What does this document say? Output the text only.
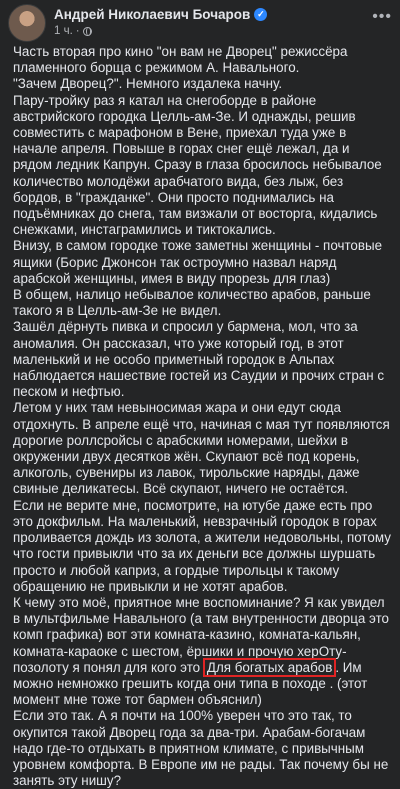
Андрей Николаевич Бочаров ✓
1 ч. ·
•••

Часть вторая про кино "он вам не Дворец" режиссёра пламенного борща с режимом А. Навального.

"Зачем Дворец?". Немного издалека начну.

Пару-тройку раз я катал на снегоборде в районе австрийского городка Целль-ам-Зе. И однажды, решив совместить с марафоном в Вене, приехал туда уже в начале апреля. Повыше в горах снег ещё лежал, да и рядом ледник Капрун. Сразу в глаза бросилось небывалое количество молодёжи арабчатого вида, без лыж, без бордов, в "гражданке". Они просто поднимались на подъёмниках до снега, там визжали от восторга, кидались снежками, инстаграмились и тиктокались.

Внизу, в самом городке тоже заметны женщины - почтовые ящики (Борис Джонсон так остроумно назвал наряд арабской женщины, имея в виду прорезь для глаз)

В общем, налицо небывалое количество арабов, раньше такого я в Целль-ам-Зе не видел.

Зашёл дёрнуть пивка и спросил у бармена, мол, что за аномалия. Он рассказал, что уже который год, в этот маленький и не особо приметный городок в Альпах наблюдается нашествие гостей из Саудии и прочих стран с песком и нефтью.

Летом у них там невыносимая жара и они едут сюда отдохнуть. В апреле ещё что, начиная с мая тут появляются дорогие роллсройсы с арабскими номерами, шейхи в окружении двух десятков жён. Скупают всё под корень, алкоголь, сувениры из лавок, тирольские наряды, даже свиные деликатесы. Всё скупают, ничего не остаётся.

Если не верите мне, посмотрите, на ютубе даже есть про это докфильм. На маленький, невзрачный городок в горах проливается дождь из золота, а жители недовольны, потому что гости привыкли что за их деньги все должны шуршать просто и любой каприз, а гордые тирольцы к такому обращению не привыкли и не хотят арабов.

К чему это моё, приятное мне воспоминание? Я как увидел в мультфильме Навального (а там внутренности дворца это комп графика) вот эти комната-казино, комната-кальян, комната-караоке с шестом, ёршики и прочую херОту-позолоту я понял для кого это Для богатых арабов . Им можно немножко грешить когда они типа в походе . (этот момент мне тоже тот бармен объяснил)

Если это так. А я почти на 100% уверен что это так, то окупится такой Дворец года за два-три. Арабам-богачам надо где-то отдыхать в приятном климате, с привычным уровнем комфорта. В Европе им не рады. Так почему бы не занять эту нишу?
